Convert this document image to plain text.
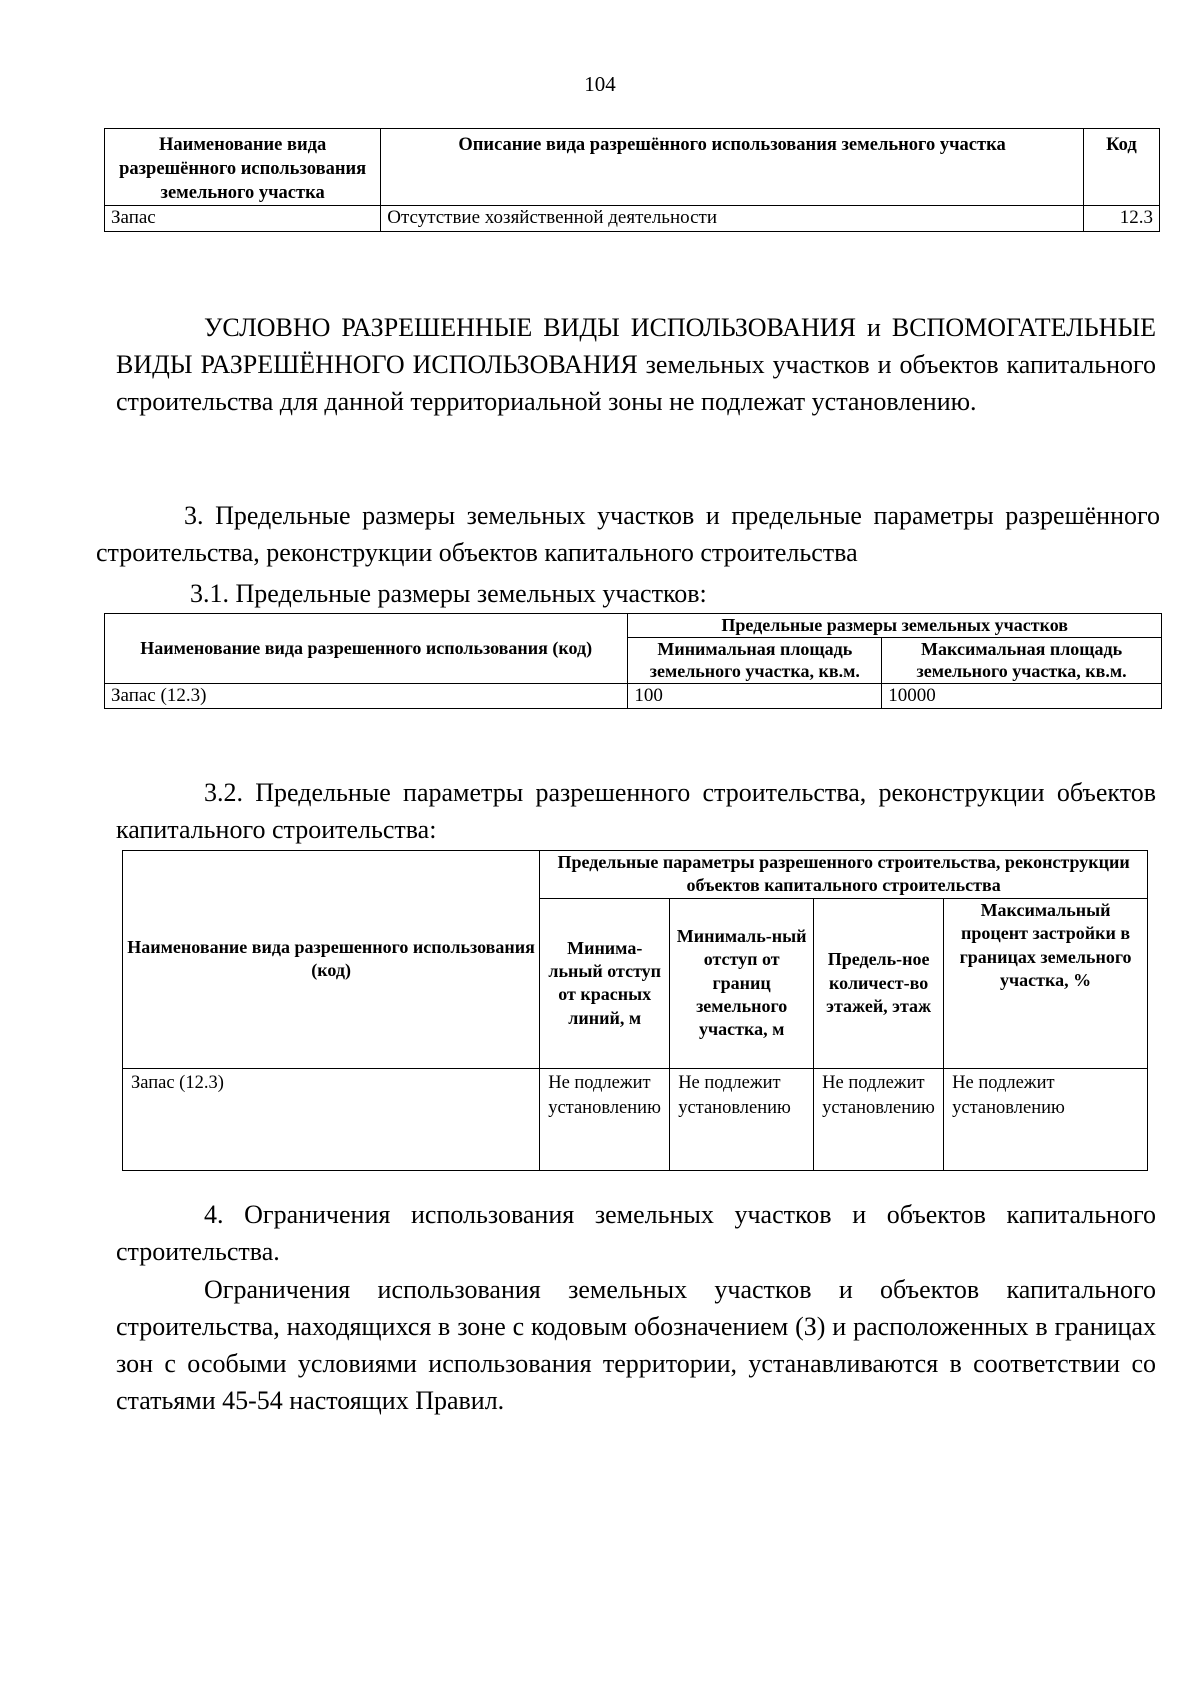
104
Наименование вида разрешённого использования земельного участка	Описание вида разрешённого использования земельного участка	Код
Запас	Отсутствие хозяйственной деятельности	12.3
УСЛОВНО РАЗРЕШЕННЫЕ ВИДЫ ИСПОЛЬЗОВАНИЯ и ВСПОМОГАТЕЛЬНЫЕ ВИДЫ РАЗРЕШЁННОГО ИСПОЛЬЗОВАНИЯ земельных участков и объектов капитального строительства для данной территориальной зоны не подлежат установлению.
3. Предельные размеры земельных участков и предельные параметры разрешённого строительства, реконструкции объектов капитального строительства
3.1. Предельные размеры земельных участков:
Наименование вида разрешенного использования (код)	Предельные размеры земельных участков	
	Минимальная площадь земельного участка, кв.м.	Максимальная площадь земельного участка, кв.м.
Запас (12.3)	100	10000
3.2. Предельные параметры разрешенного строительства, реконструкции объектов капитального строительства:
Наименование вида разрешенного использования (код)	Предельные параметры разрешенного строительства, реконструкции объектов капитального строительства			
	Минима-льный отступ от красных линий, м	Минималь-ный отступ от границ земельного участка, м	Предель-ное количест-во этажей, этаж	Максимальный процент застройки в границах земельного участка, %
Запас (12.3)	Не подлежит установлению	Не подлежит установлению	Не подлежит установлению	Не подлежит установлению
4. Ограничения использования земельных участков и объектов капитального строительства.
Ограничения использования земельных участков и объектов капитального строительства, находящихся в зоне с кодовым обозначением (З) и расположенных в границах зон с особыми условиями использования территории, устанавливаются в соответствии со статьями 45-54 настоящих Правил.
